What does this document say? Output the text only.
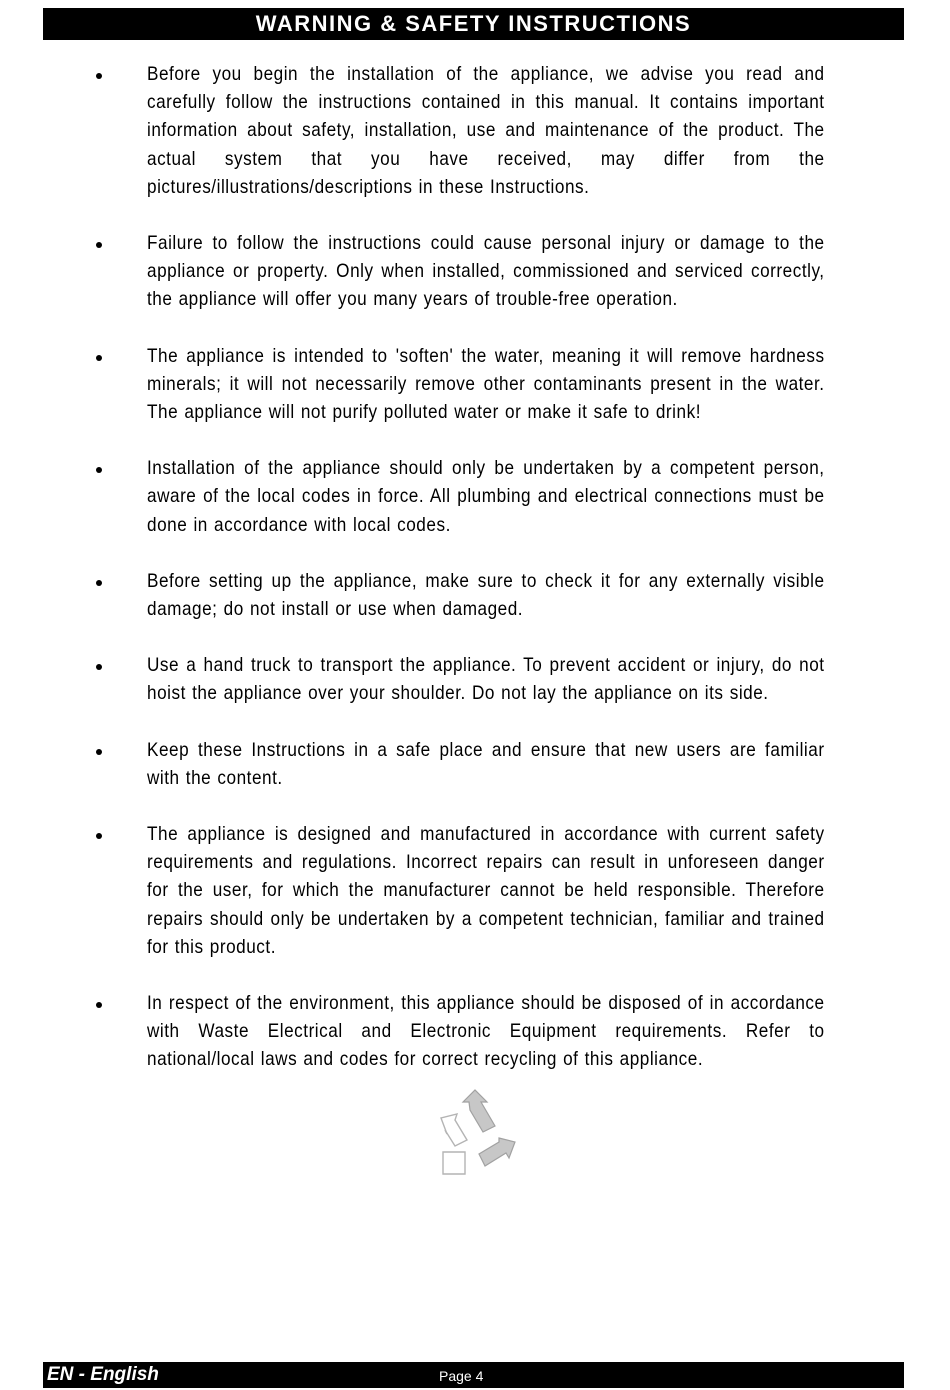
WARNING & SAFETY INSTRUCTIONS
Before you begin the installation of the appliance, we advise you read and carefully follow the instructions contained in this manual. It contains important information about safety, installation, use and maintenance of the product. The actual system that you have received, may differ from the pictures/illustrations/descriptions in these Instructions.
Failure to follow the instructions could cause personal injury or damage to the appliance or property. Only when installed, commissioned and serviced correctly, the appliance will offer you many years of trouble-free operation.
The appliance is intended to 'soften' the water, meaning it will remove hardness minerals; it will not necessarily remove other contaminants present in the water. The appliance will not purify polluted water or make it safe to drink!
Installation of the appliance should only be undertaken by a competent person, aware of the local codes in force. All plumbing and electrical connections must be done in accordance with local codes.
Before setting up the appliance, make sure to check it for any externally visible damage; do not install or use when damaged.
Use a hand truck to transport the appliance. To prevent accident or injury, do not hoist the appliance over your shoulder. Do not lay the appliance on its side.
Keep these Instructions in a safe place and ensure that new users are familiar with the content.
The appliance is designed and manufactured in accordance with current safety requirements and regulations. Incorrect repairs can result in unforeseen danger for the user, for which the manufacturer cannot be held responsible. Therefore repairs should only be undertaken by a competent technician, familiar and trained for this product.
In respect of the environment, this appliance should be disposed of in accordance with Waste Electrical and Electronic Equipment requirements. Refer to national/local laws and codes for correct recycling of this appliance.
EN - English	Page 4
